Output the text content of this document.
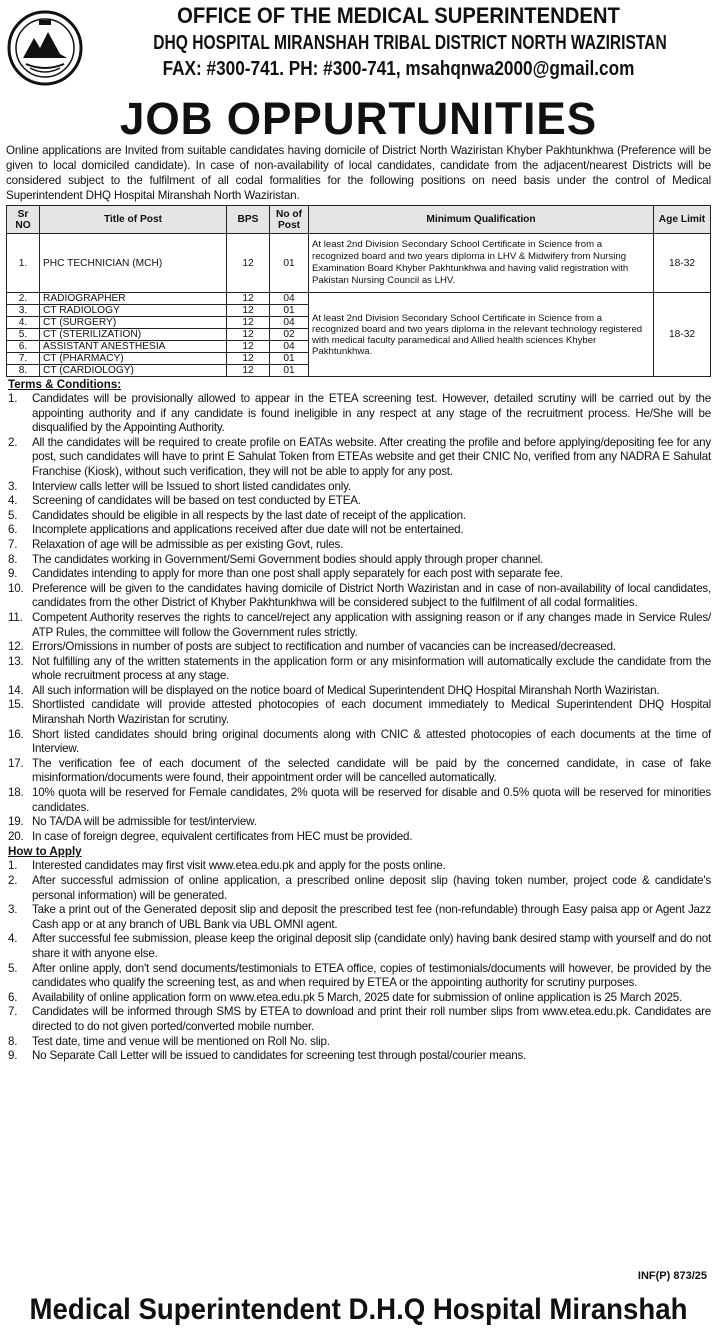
OFFICE OF THE MEDICAL SUPERINTENDENT
DHQ HOSPITAL MIRANSHAH TRIBAL DISTRICT NORTH WAZIRISTAN
FAX: #300-741. PH: #300-741, msahqnwa2000@gmail.com
JOB OPPURTUNITIES
Online applications are Invited from suitable candidates having domicile of District North Waziristan Khyber Pakhtunkhwa (Preference will be given to local domiciled candidate). In case of non-availability of local candidates, candidate from the adjacent/nearest Districts will be considered subject to the fulfilment of all codal formalities for the following positions on need basis under the control of Medical Superintendent DHQ Hospital Miranshah North Waziristan.
Sr NO	Title of Post	BPS	No of Post	Minimum Qualification	Age Limit
1.	PHC TECHNICIAN (MCH)	12	01	At least 2nd Division Secondary School Certificate in Science from a recognized board and two years diploma in LHV & Midwifery from Nursing Examination Board Khyber Pakhtunkhwa and having valid registration with Pakistan Nursing Council as LHV.	18-32
2.	RADIOGRAPHER	12	04	At least 2nd Division Secondary School Certificate in Science from a recognized board and two years diploma in the relevant technology registered with medical faculty paramedical and Allied health sciences Khyber Pakhtunkhwa.	18-32
3.	CT RADIOLOGY	12	01		
4.	CT (SURGERY)	12	04		
5.	CT (STERILIZATION)	12	02		
6.	ASSISTANT ANESTHESIA	12	04		
7.	CT (PHARMACY)	12	01		
8.	CT (CARDIOLOGY)	12	01		
Terms & Conditions:
1.	Candidates will be provisionally allowed to appear in the ETEA screening test. However, detailed scrutiny will be carried out by the appointing authority and if any candidate is found ineligible in any respect at any stage of the recruitment process. He/She will be disqualified by the Appointing Authority.
2.	All the candidates will be required to create profile on EATAs website. After creating the profile and before applying/depositing fee for any post, such candidates will have to print E Sahulat Token from ETEAs website and get their CNIC No, verified from any NADRA E Sahulat Franchise (Kiosk), without such verification, they will not be able to apply for any post.
3.	Interview calls letter will be Issued to short listed candidates only.
4.	Screening of candidates will be based on test conducted by ETEA.
5.	Candidates should be eligible in all respects by the last date of receipt of the application.
6.	Incomplete applications and applications received after due date will not be entertained.
7.	Relaxation of age will be admissible as per existing Govt, rules.
8.	The candidates working in Government/Semi Government bodies should apply through proper channel.
9.	Candidates intending to apply for more than one post shall apply separately for each post with separate fee.
10. Preference will be given to the candidates having domicile of District North Waziristan and in case of non-availability of local candidates, candidates from the other District of Khyber Pakhtunkhwa will be considered subject to the fulfilment of all codal formalities.
11. Competent Authority reserves the rights to cancel/reject any application with assigning reason or if any changes made in Service Rules/ ATP Rules, the committee will follow the Government rules strictly.
12. Errors/Omissions in number of posts are subject to rectification and number of vacancies can be increased/decreased.
13. Not fulfilling any of the written statements in the application form or any misinformation will automatically exclude the candidate from the whole recruitment process at any stage.
14. All such information will be displayed on the notice board of Medical Superintendent DHQ Hospital Miranshah North Waziristan.
15. Shortlisted candidate will provide attested photocopies of each document immediately to Medical Superintendent DHQ Hospital Miranshah North Waziristan for scrutiny.
16. Short listed candidates should bring original documents along with CNIC & attested photocopies of each documents at the time of Interview.
17. The verification fee of each document of the selected candidate will be paid by the concerned candidate, in case of fake misinformation/documents were found, their appointment order will be cancelled automatically.
18. 10% quota will be reserved for Female candidates, 2% quota will be reserved for disable and 0.5% quota will be reserved for minorities candidates.
19. No TA/DA will be admissible for test/interview.
20. In case of foreign degree, equivalent certificates from HEC must be provided.
How to Apply
1.	Interested candidates may first visit www.etea.edu.pk and apply for the posts online.
2.	After successful admission of online application, a prescribed online deposit slip (having token number, project code & candidate's personal information) will be generated.
3.	Take a print out of the Generated deposit slip and deposit the prescribed test fee (non-refundable) through Easy paisa app or Agent Jazz Cash app or at any branch of UBL Bank via UBL OMNI agent.
4.	After successful fee submission, please keep the original deposit slip (candidate only) having bank desired stamp with yourself and do not share it with anyone else.
5.	After online apply, don't send documents/testimonials to ETEA office, copies of testimonials/documents will however, be provided by the candidates who qualify the screening test, as and when required by ETEA or the appointing authority for scrutiny purposes.
6.	Availability of online application form on www.etea.edu.pk 5 March, 2025 date for submission of online application is 25 March 2025.
7.	Candidates will be informed through SMS by ETEA to download and print their roll number slips from www.etea.edu.pk. Candidates are directed to do not given ported/converted mobile number.
8.	Test date, time and venue will be mentioned on Roll No. slip.
9.	No Separate Call Letter will be issued to candidates for screening test through postal/courier means.
INF(P) 873/25
Medical Superintendent D.H.Q Hospital Miranshah
